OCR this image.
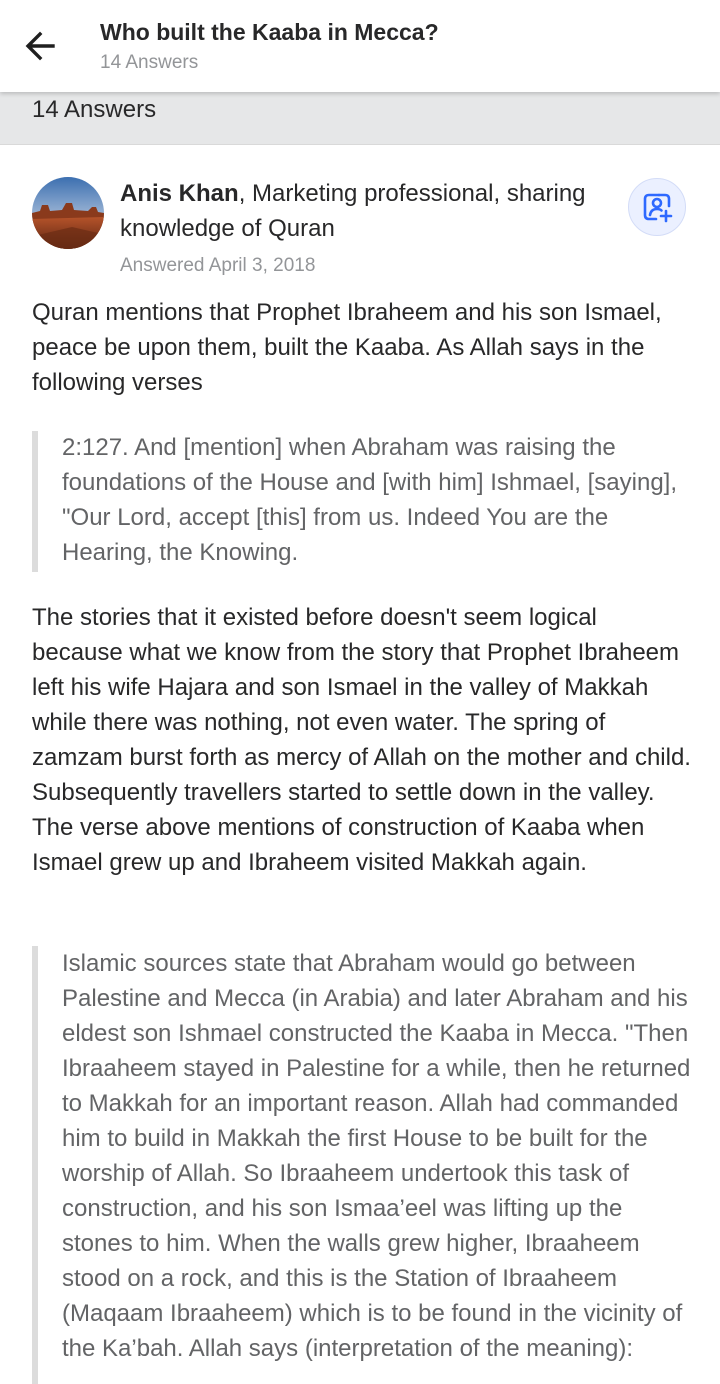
Who built the Kaaba in Mecca?
14 Answers
14 Answers
Anis Khan, Marketing professional, sharing knowledge of Quran
Answered April 3, 2018

Quran mentions that Prophet Ibraheem and his son Ismael, peace be upon them, built the Kaaba. As Allah says in the following verses

2:127. And [mention] when Abraham was raising the foundations of the House and [with him] Ishmael, [saying], "Our Lord, accept [this] from us. Indeed You are the Hearing, the Knowing.

The stories that it existed before doesn't seem logical because what we know from the story that Prophet Ibraheem left his wife Hajara and son Ismael in the valley of Makkah while there was nothing, not even water. The spring of zamzam burst forth as mercy of Allah on the mother and child. Subsequently travellers started to settle down in the valley. The verse above mentions of construction of Kaaba when Ismael grew up and Ibraheem visited Makkah again.

Islamic sources state that Abraham would go between Palestine and Mecca (in Arabia) and later Abraham and his eldest son Ishmael constructed the Kaaba in Mecca. "Then Ibraaheem stayed in Palestine for a while, then he returned to Makkah for an important reason. Allah had commanded him to build in Makkah the first House to be built for the worship of Allah. So Ibraaheem undertook this task of construction, and his son Ismaa’eel was lifting up the stones to him. When the walls grew higher, Ibraaheem stood on a rock, and this is the Station of Ibraaheem (Maqaam Ibraaheem) which is to be found in the vicinity of the Ka’bah. Allah says (interpretation of the meaning):
